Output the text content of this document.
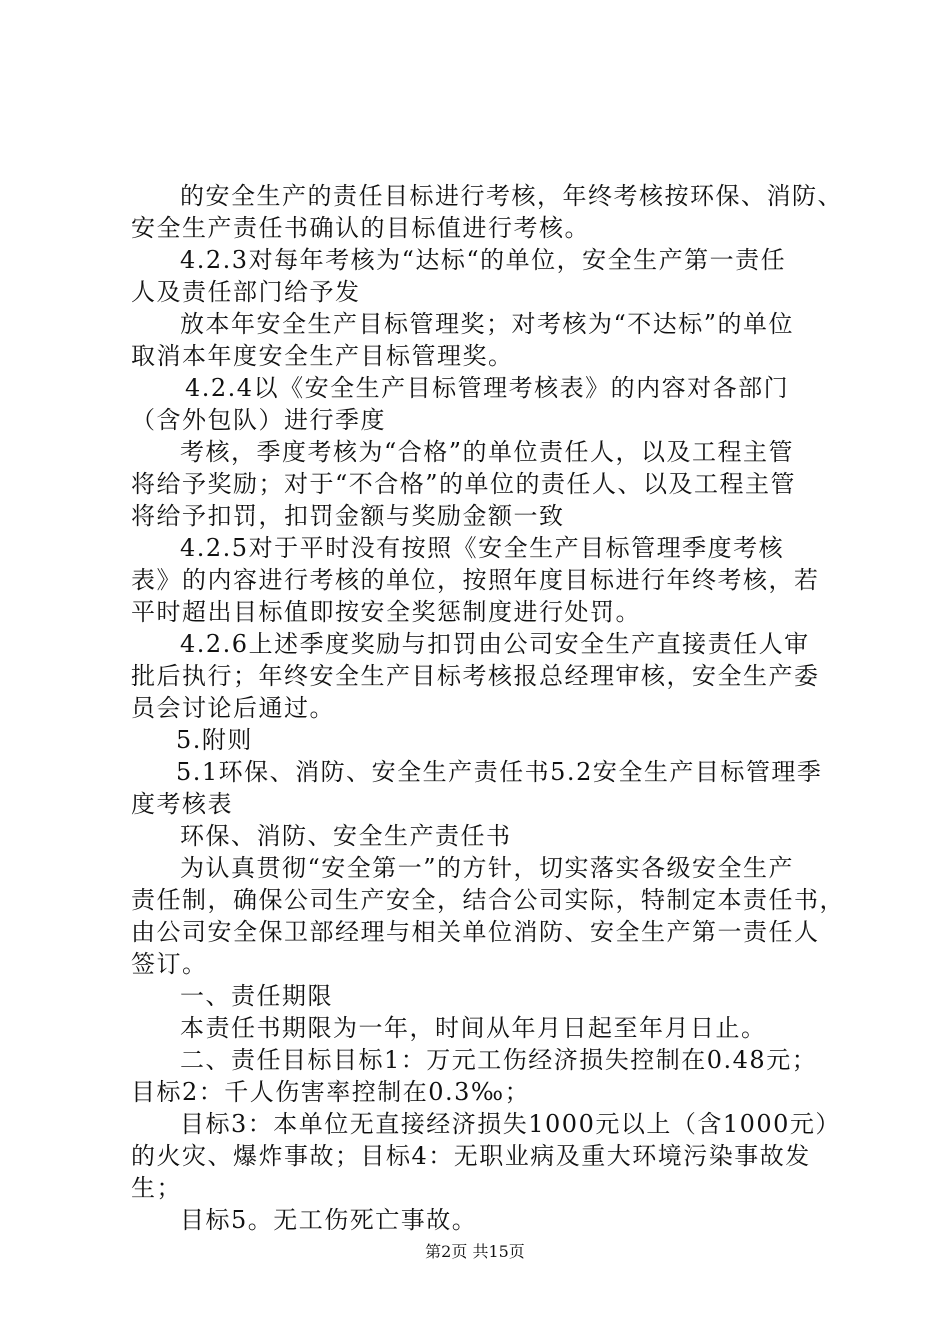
的安全生产的责任目标进行考核，年终考核按环保、消防、
安全生产责任书确认的目标值进行考核。
4.2.3对每年考核为“达标“的单位，安全生产第一责任
人及责任部门给予发
放本年安全生产目标管理奖；对考核为“不达标”的单位
取消本年度安全生产目标管理奖。
4.2.4以《安全生产目标管理考核表》的内容对各部门
（含外包队）进行季度
考核，季度考核为“合格”的单位责任人，以及工程主管
将给予奖励；对于“不合格”的单位的责任人、以及工程主管
将给予扣罚，扣罚金额与奖励金额一致
4.2.5对于平时没有按照《安全生产目标管理季度考核
表》的内容进行考核的单位，按照年度目标进行年终考核，若
平时超出目标值即按安全奖惩制度进行处罚。
4.2.6上述季度奖励与扣罚由公司安全生产直接责任人审
批后执行；年终安全生产目标考核报总经理审核，安全生产委
员会讨论后通过。
5.附则
5.1环保、消防、安全生产责任书5.2安全生产目标管理季
度考核表
环保、消防、安全生产责任书
为认真贯彻“安全第一”的方针，切实落实各级安全生产
责任制，确保公司生产安全，结合公司实际，特制定本责任书，
由公司安全保卫部经理与相关单位消防、安全生产第一责任人
签订。
一、责任期限
本责任书期限为一年，时间从年月日起至年月日止。
二、责任目标目标1：万元工伤经济损失控制在0.48元；
目标2：千人伤害率控制在0.3‰；
目标3：本单位无直接经济损失1000元以上（含1000元）
的火灾、爆炸事故；目标4：无职业病及重大环境污染事故发
生；
目标5。无工伤死亡事故。
第2页 共15页
